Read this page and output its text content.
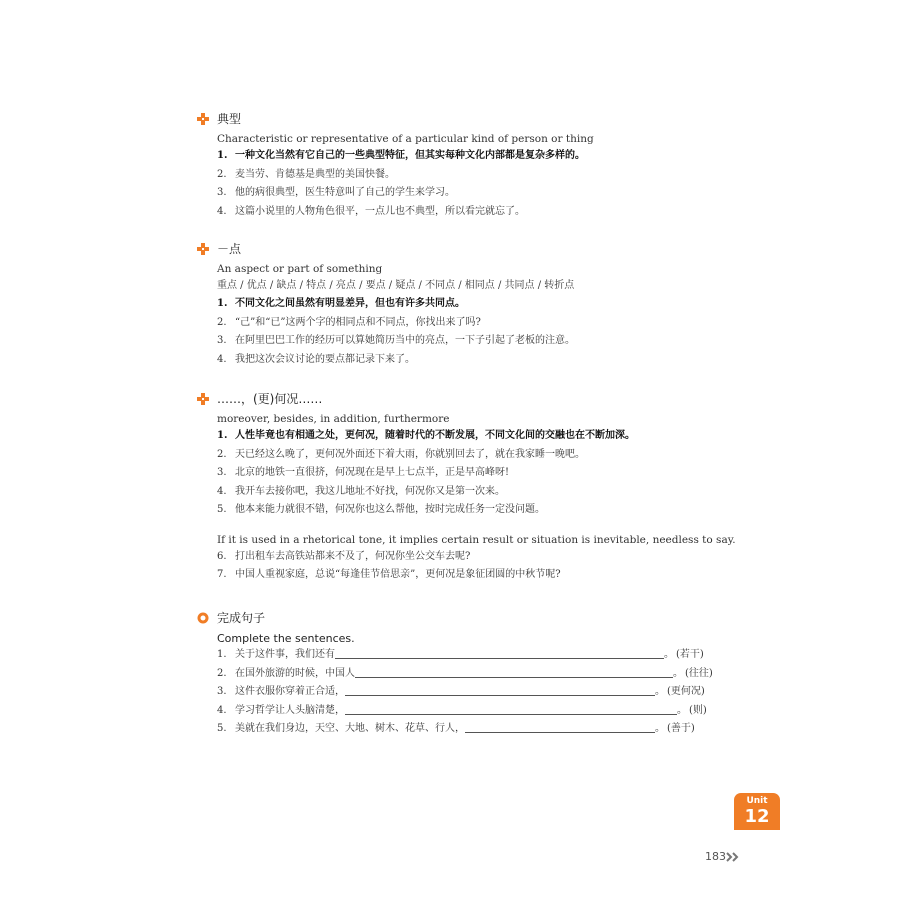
典型
Characteristic or representative of a particular kind of person or thing
1. 一种文化当然有它自己的一些典型特征，但其实每种文化内部都是复杂多样的。
2. 麦当劳、肯德基是典型的美国快餐。
3. 他的病很典型，医生特意叫了自己的学生来学习。
4. 这篇小说里的人物角色很平，一点儿也不典型，所以看完就忘了。
－点
An aspect or part of something
重点 / 优点 / 缺点 / 特点 / 亮点 / 要点 / 疑点 / 不同点 / 相同点 / 共同点 / 转折点
1. 不同文化之间虽然有明显差异，但也有许多共同点。
2. “己”和“已”这两个字的相同点和不同点，你找出来了吗?
3. 在阿里巴巴工作的经历可以算她简历当中的亮点，一下子引起了老板的注意。
4. 我把这次会议讨论的要点都记录下来了。
……，(更)何况……
moreover, besides, in addition, furthermore
1. 人性毕竟也有相通之处，更何况，随着时代的不断发展，不同文化间的交融也在不断加深。
2. 天已经这么晚了，更何况外面还下着大雨，你就别回去了，就在我家睡一晚吧。
3. 北京的地铁一直很挤，何况现在是早上七点半，正是早高峰呀!
4. 我开车去接你吧，我这儿地址不好找，何况你又是第一次来。
5. 他本来能力就很不错，何况你也这么帮他，按时完成任务一定没问题。
If it is used in a rhetorical tone, it implies certain result or situation is inevitable, needless to say.
6. 打出租车去高铁站都来不及了，何况你坐公交车去呢?
7. 中国人重视家庭，总说“每逢佳节倍思亲”，更何况是象征团圆的中秋节呢?
完成句子
Complete the sentences.
1. 关于这件事，我们还有	。 (若干)
2. 在国外旅游的时候，中国人	。 (往往)
3. 这件衣服你穿着正合适，	。 (更何况)
4. 学习哲学让人头脑清楚，	。 (则)
5. 美就在我们身边，天空、大地、树木、花草、行人，	。 (善于)
Unit
12
183
